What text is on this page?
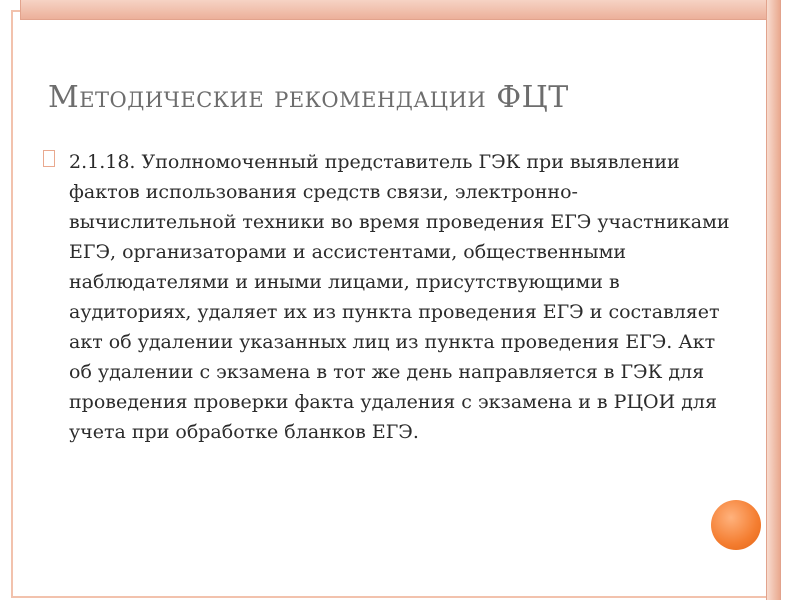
Методические рекомендации ФЦТ
2.1.18. Уполномоченный представитель ГЭК при выявлении фактов использования средств связи, электронно-вычислительной техники во время проведения ЕГЭ участниками ЕГЭ, организаторами и ассистентами, общественными наблюдателями и иными лицами, присутствующими в аудиториях, удаляет их из пункта проведения ЕГЭ и составляет акт об удалении указанных лиц из пункта проведения ЕГЭ. Акт об удалении с экзамена в тот же день направляется в ГЭК для проведения проверки факта удаления с экзамена и в РЦОИ для учета при обработке бланков ЕГЭ.
